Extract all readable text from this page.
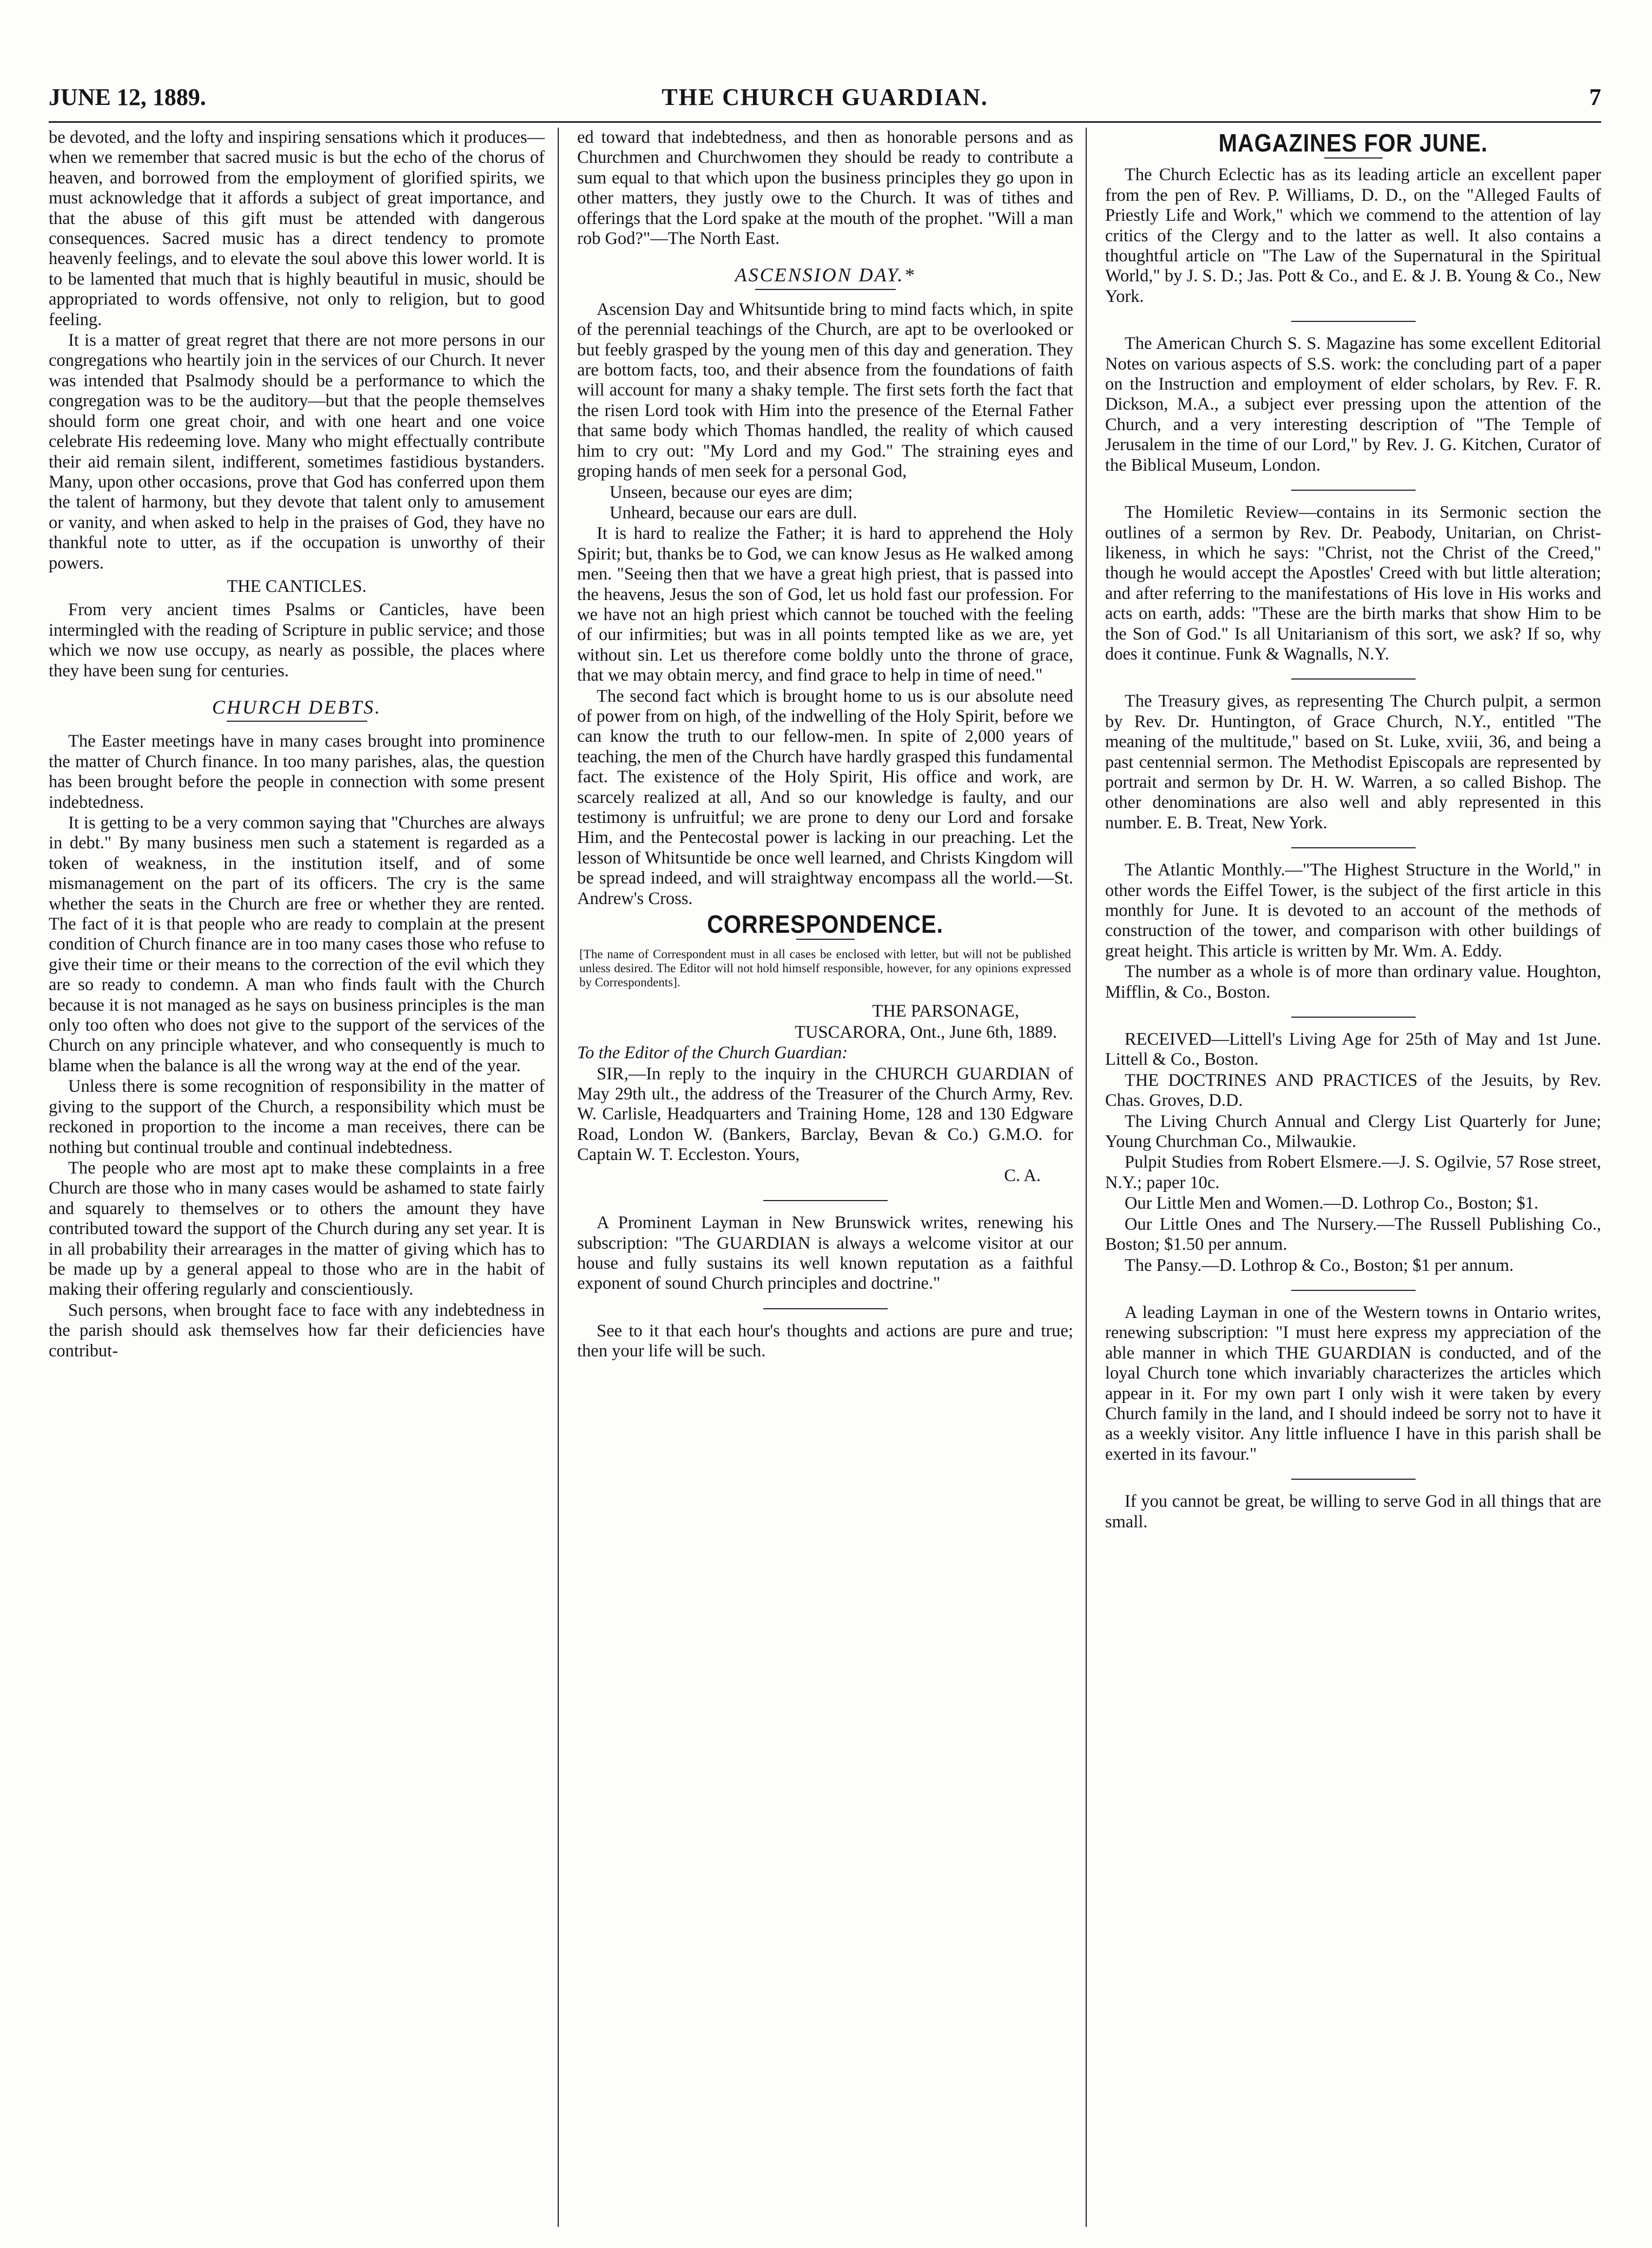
JUNE 12, 1889.	THE CHURCH GUARDIAN.	7

be devoted, and the lofty and inspiring sensations which it produces—when we remember that sacred music is but the echo of the chorus of heaven, and borrowed from the employment of glorified spirits, we must acknowledge that it affords a subject of great importance, and that the abuse of this gift must be attended with dangerous consequences. Sacred music has a direct tendency to promote heavenly feelings, and to elevate the soul above this lower world. It is to be lamented that much that is highly beautiful in music, should be appropriated to words offensive, not only to religion, but to good feeling.

It is a matter of great regret that there are not more persons in our congregations who heartily join in the services of our Church. It never was intended that Psalmody should be a performance to which the congregation was to be the auditory—but that the people themselves should form one great choir, and with one heart and one voice celebrate His redeeming love. Many who might effectually contribute their aid remain silent, indifferent, sometimes fastidious bystanders. Many, upon other occasions, prove that God has conferred upon them the talent of harmony, but they devote that talent only to amusement or vanity, and when asked to help in the praises of God, they have no thankful note to utter, as if the occupation is unworthy of their powers.

THE CANTICLES.

From very ancient times Psalms or Canticles, have been intermingled with the reading of Scripture in public service; and those which we now use occupy, as nearly as possible, the places where they have been sung for centuries.

CHURCH DEBTS.

The Easter meetings have in many cases brought into prominence the matter of Church finance. In too many parishes, alas, the question has been brought before the people in connection with some present indebtedness.

It is getting to be a very common saying that "Churches are always in debt." By many business men such a statement is regarded as a token of weakness, in the institution itself, and of some mismanagement on the part of its officers. The cry is the same whether the seats in the Church are free or whether they are rented. The fact of it is that people who are ready to complain at the present condition of Church finance are in too many cases those who refuse to give their time or their means to the correction of the evil which they are so ready to condemn. A man who finds fault with the Church because it is not managed as he says on business principles is the man only too often who does not give to the support of the services of the Church on any principle whatever, and who consequently is much to blame when the balance is all the wrong way at the end of the year.

Unless there is some recognition of responsibility in the matter of giving to the support of the Church, a responsibility which must be reckoned in proportion to the income a man receives, there can be nothing but continual trouble and continual indebtedness.

The people who are most apt to make these complaints in a free Church are those who in many cases would be ashamed to state fairly and squarely to themselves or to others the amount they have contributed toward the support of the Church during any set year. It is in all probability their arrearages in the matter of giving which has to be made up by a general appeal to those who are in the habit of making their offering regularly and conscientiously.

Such persons, when brought face to face with any indebtedness in the parish should ask themselves how far their deficiencies have contribut-

ed toward that indebtedness, and then as honorable persons and as Churchmen and Churchwomen they should be ready to contribute a sum equal to that which upon the business principles they go upon in other matters, they justly owe to the Church. It was of tithes and offerings that the Lord spake at the mouth of the prophet. "Will a man rob God?"—The North East.

ASCENSION DAY.*

Ascension Day and Whitsuntide bring to mind facts which, in spite of the perennial teachings of the Church, are apt to be overlooked or but feebly grasped by the young men of this day and generation. They are bottom facts, too, and their absence from the foundations of faith will account for many a shaky temple. The first sets forth the fact that the risen Lord took with Him into the presence of the Eternal Father that same body which Thomas handled, the reality of which caused him to cry out: "My Lord and my God." The straining eyes and groping hands of men seek for a personal God,

Unseen, because our eyes are dim;

Unheard, because our ears are dull.

It is hard to realize the Father; it is hard to apprehend the Holy Spirit; but, thanks be to God, we can know Jesus as He walked among men. "Seeing then that we have a great high priest, that is passed into the heavens, Jesus the son of God, let us hold fast our profession. For we have not an high priest which cannot be touched with the feeling of our infirmities; but was in all points tempted like as we are, yet without sin. Let us therefore come boldly unto the throne of grace, that we may obtain mercy, and find grace to help in time of need."

The second fact which is brought home to us is our absolute need of power from on high, of the indwelling of the Holy Spirit, before we can know the truth to our fellow-men. In spite of 2,000 years of teaching, the men of the Church have hardly grasped this fundamental fact. The existence of the Holy Spirit, His office and work, are scarcely realized at all, And so our knowledge is faulty, and our testimony is unfruitful; we are prone to deny our Lord and forsake Him, and the Pentecostal power is lacking in our preaching. Let the lesson of Whitsuntide be once well learned, and Christs Kingdom will be spread indeed, and will straightway encompass all the world.—St. Andrew's Cross.

CORRESPONDENCE.

[The name of Correspondent must in all cases be enclosed with letter, but will not be published unless desired. The Editor will not hold himself responsible, however, for any opinions expressed by Correspondents].

THE PARSONAGE,

TUSCARORA, Ont., June 6th, 1889.

To the Editor of the Church Guardian:

SIR,—In reply to the inquiry in the CHURCH GUARDIAN of May 29th ult., the address of the Treasurer of the Church Army, Rev. W. Carlisle, Headquarters and Training Home, 128 and 130 Edgware Road, London W. (Bankers, Barclay, Bevan & Co.) G.M.O. for Captain W. T. Eccleston. Yours,

C. A.

A Prominent Layman in New Brunswick writes, renewing his subscription: "The GUARDIAN is always a welcome visitor at our house and fully sustains its well known reputation as a faithful exponent of sound Church principles and doctrine."

See to it that each hour's thoughts and actions are pure and true; then your life will be such.

MAGAZINES FOR JUNE.

The Church Eclectic has as its leading article an excellent paper from the pen of Rev. P. Williams, D. D., on the "Alleged Faults of Priestly Life and Work," which we commend to the attention of lay critics of the Clergy and to the latter as well. It also contains a thoughtful article on "The Law of the Supernatural in the Spiritual World," by J. S. D.; Jas. Pott & Co., and E. & J. B. Young & Co., New York.

The American Church S. S. Magazine has some excellent Editorial Notes on various aspects of S.S. work: the concluding part of a paper on the Instruction and employment of elder scholars, by Rev. F. R. Dickson, M.A., a subject ever pressing upon the attention of the Church, and a very interesting description of "The Temple of Jerusalem in the time of our Lord," by Rev. J. G. Kitchen, Curator of the Biblical Museum, London.

The Homiletic Review—contains in its Sermonic section the outlines of a sermon by Rev. Dr. Peabody, Unitarian, on Christ-likeness, in which he says: "Christ, not the Christ of the Creed," though he would accept the Apostles' Creed with but little alteration; and after referring to the manifestations of His love in His works and acts on earth, adds: "These are the birth marks that show Him to be the Son of God." Is all Unitarianism of this sort, we ask? If so, why does it continue. Funk & Wagnalls, N.Y.

The Treasury gives, as representing The Church pulpit, a sermon by Rev. Dr. Huntington, of Grace Church, N.Y., entitled "The meaning of the multitude," based on St. Luke, xviii, 36, and being a past centennial sermon. The Methodist Episcopals are represented by portrait and sermon by Dr. H. W. Warren, a so called Bishop. The other denominations are also well and ably represented in this number. E. B. Treat, New York.

The Atlantic Monthly.—"The Highest Structure in the World," in other words the Eiffel Tower, is the subject of the first article in this monthly for June. It is devoted to an account of the methods of construction of the tower, and comparison with other buildings of great height. This article is written by Mr. Wm. A. Eddy.

The number as a whole is of more than ordinary value. Houghton, Mifflin, & Co., Boston.

RECEIVED—Littell's Living Age for 25th of May and 1st June. Littell & Co., Boston.

THE DOCTRINES AND PRACTICES of the Jesuits, by Rev. Chas. Groves, D.D.

The Living Church Annual and Clergy List Quarterly for June; Young Churchman Co., Milwaukie.

Pulpit Studies from Robert Elsmere.—J. S. Ogilvie, 57 Rose street, N.Y.; paper 10c.

Our Little Men and Women.—D. Lothrop Co., Boston; $1.

Our Little Ones and The Nursery.—The Russell Publishing Co., Boston; $1.50 per annum.

The Pansy.—D. Lothrop & Co., Boston; $1 per annum.

A leading Layman in one of the Western towns in Ontario writes, renewing subscription: "I must here express my appreciation of the able manner in which THE GUARDIAN is conducted, and of the loyal Church tone which invariably characterizes the articles which appear in it. For my own part I only wish it were taken by every Church family in the land, and I should indeed be sorry not to have it as a weekly visitor. Any little influence I have in this parish shall be exerted in its favour."

If you cannot be great, be willing to serve God in all things that are small.
